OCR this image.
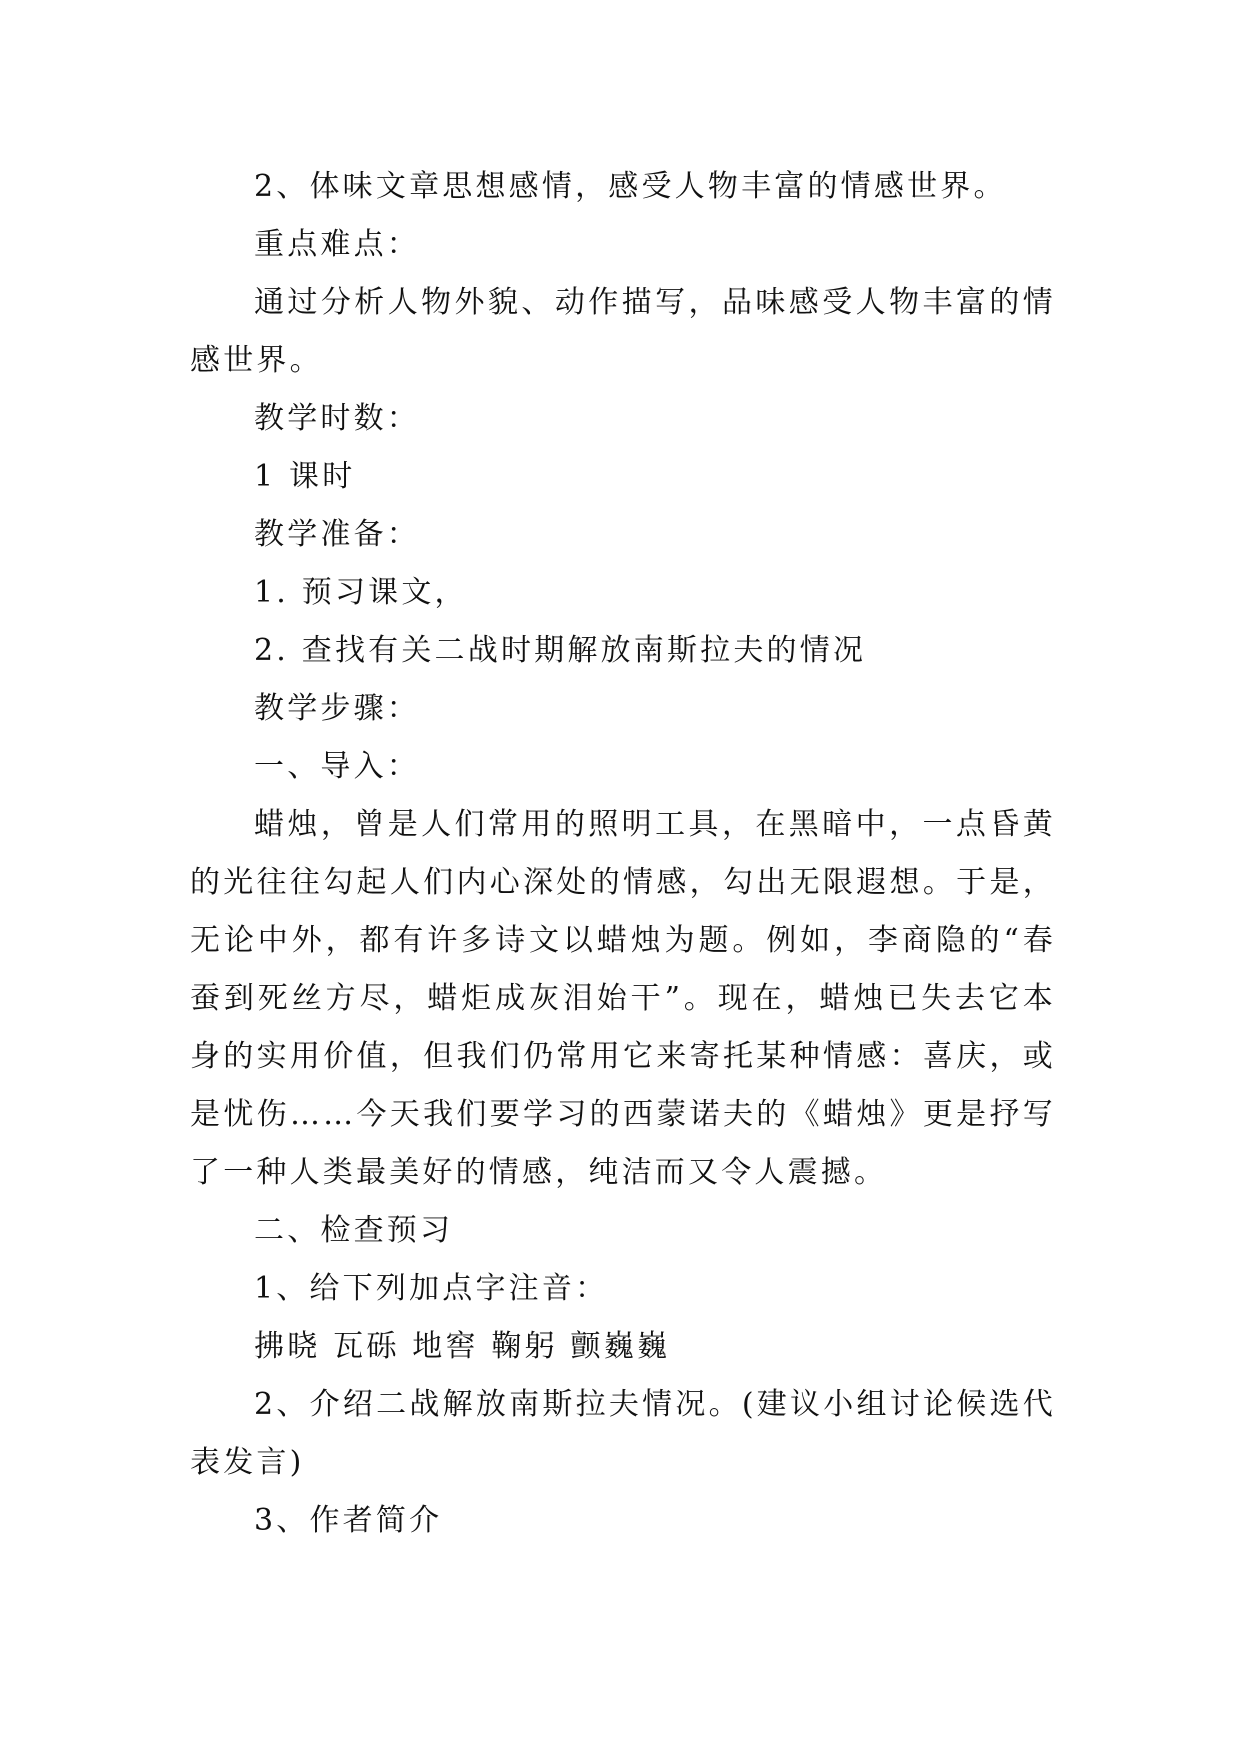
2、体味文章思想感情，感受人物丰富的情感世界。

重点难点：

通过分析人物外貌、动作描写，品味感受人物丰富的情感世界。

教学时数：

1 课时

教学准备：

1. 预习课文，

2. 查找有关二战时期解放南斯拉夫的情况

教学步骤：

一、导入：

蜡烛，曾是人们常用的照明工具，在黑暗中，一点昏黄的光往往勾起人们内心深处的情感，勾出无限遐想。于是，无论中外，都有许多诗文以蜡烛为题。例如，李商隐的“春蚕到死丝方尽，蜡炬成灰泪始干”。现在，蜡烛已失去它本身的实用价值，但我们仍常用它来寄托某种情感：喜庆，或是忧伤……今天我们要学习的西蒙诺夫的《蜡烛》更是抒写了一种人类最美好的情感，纯洁而又令人震撼。

二、检查预习

1、给下列加点字注音：

拂晓 瓦砾 地窖 鞠躬 颤巍巍

2、介绍二战解放南斯拉夫情况。(建议小组讨论候选代表发言)

3、作者简介
